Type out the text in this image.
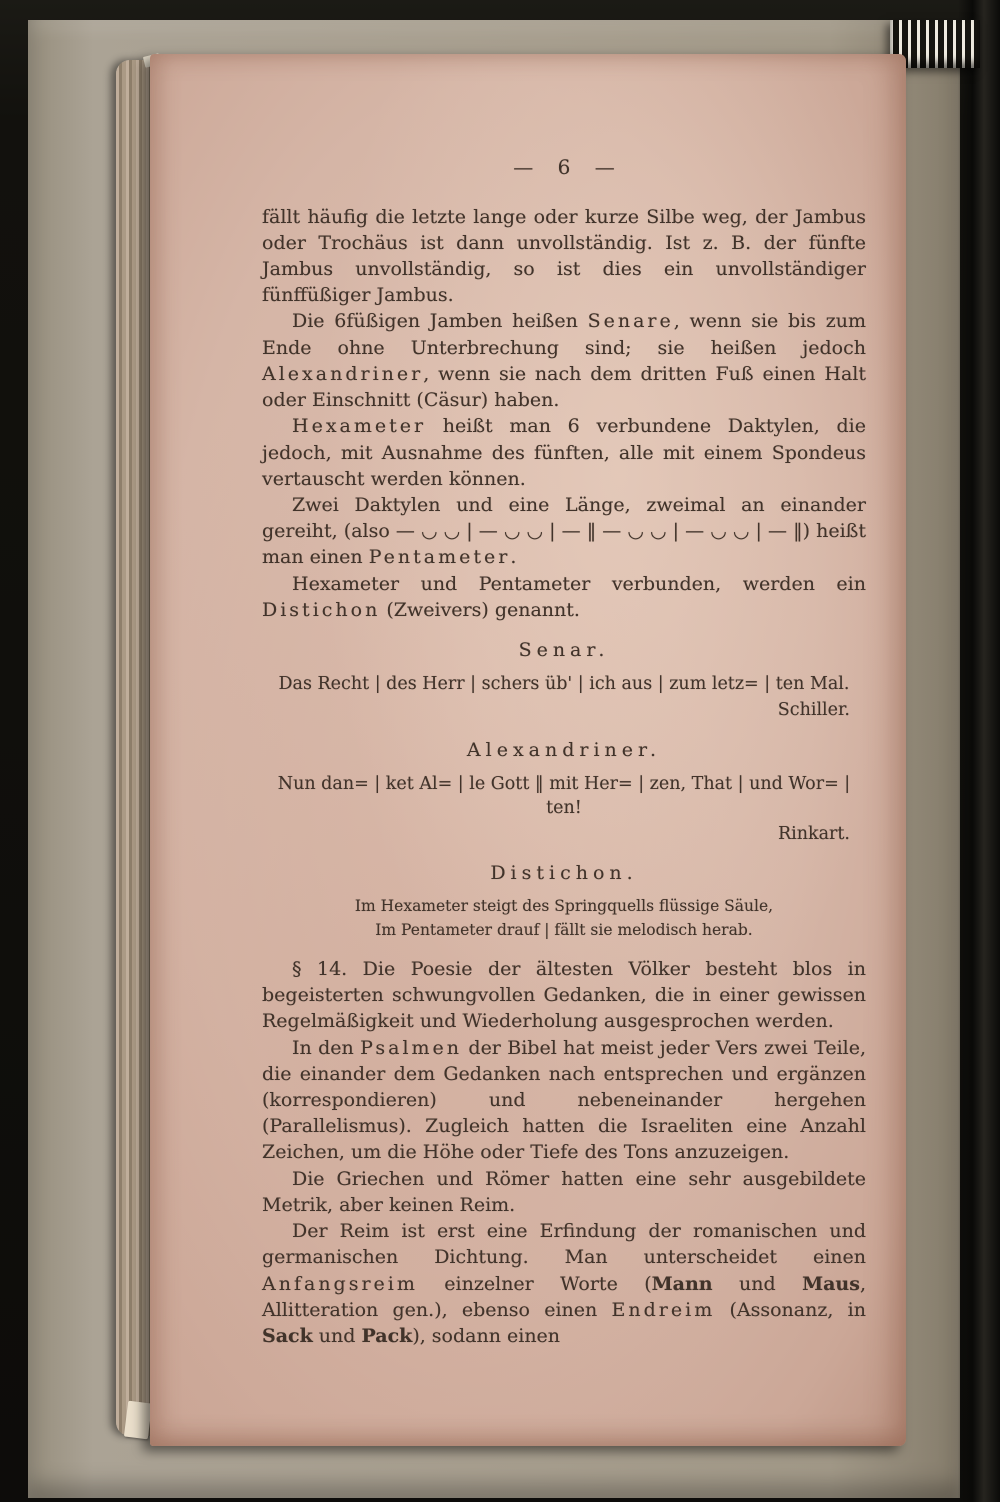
— 6 —

fällt häufig die letzte lange oder kurze Silbe weg, der Jambus oder Trochäus ist dann unvollständig. Ist z. B. der fünfte Jambus unvollständig, so ist dies ein unvollständiger fünffüßiger Jambus.

Die 6füßigen Jamben heißen Senare, wenn sie bis zum Ende ohne Unterbrechung sind; sie heißen jedoch Alexandriner, wenn sie nach dem dritten Fuß einen Halt oder Einschnitt (Cäsur) haben.

Hexameter heißt man 6 verbundene Daktylen, die jedoch, mit Ausnahme des fünften, alle mit einem Spondeus vertauscht werden können.

Zwei Daktylen und eine Länge, zweimal an einander gereiht, (also — ◡ ◡ | — ◡ ◡ | — ‖ — ◡ ◡ | — ◡ ◡ | — ‖) heißt man einen Pentameter.

Hexameter und Pentameter verbunden, werden ein Distichon (Zweivers) genannt.

Senar.
Das Recht | des Herr | schers üb' | ich aus | zum letz= | ten Mal.
Schiller.
Alexandriner.
Nun dan= | ket Al= | le Gott ‖ mit Her= | zen, That | und Wor= | ten!
Rinkart.
Distichon.
Im Hexameter steigt des Springquells flüssige Säule,
Im Pentameter drauf | fällt sie melodisch herab.

§ 14. Die Poesie der ältesten Völker besteht blos in begeisterten schwungvollen Gedanken, die in einer gewissen Regelmäßigkeit und Wiederholung ausgesprochen werden.

In den Psalmen der Bibel hat meist jeder Vers zwei Teile, die einander dem Gedanken nach entsprechen und ergänzen (korrespondieren) und nebeneinander hergehen (Parallelismus). Zugleich hatten die Israeliten eine Anzahl Zeichen, um die Höhe oder Tiefe des Tons anzuzeigen.

Die Griechen und Römer hatten eine sehr ausgebildete Metrik, aber keinen Reim.

Der Reim ist erst eine Erfindung der romanischen und germanischen Dichtung. Man unterscheidet einen Anfangsreim einzelner Worte (Mann und Maus, Allitteration gen.), ebenso einen Endreim (Assonanz, in Sack und Pack), sodann einen
